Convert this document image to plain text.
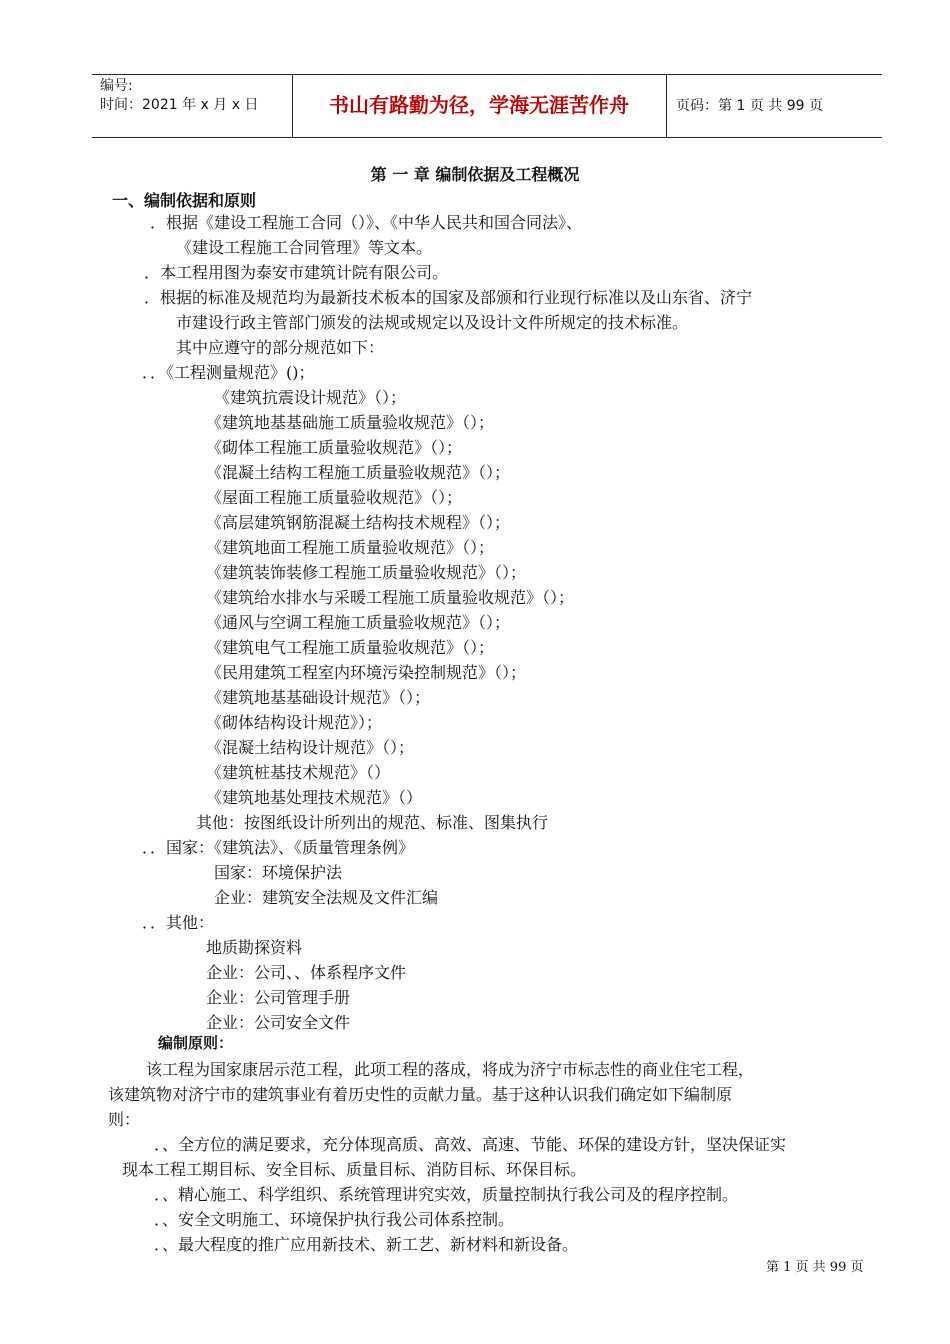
编号:
时间：2021 年 x 月 x 日	书山有路勤为径，学海无涯苦作舟	页码：第 1 页 共 99 页
第 一 章 编制依据及工程概况
一、编制依据和原则
．根据《建设工程施工合同（）》、《中华人民共和国合同法》、
《建设工程施工合同管理》等文本。
．本工程用图为泰安市建筑计院有限公司。
．根据的标准及规范均为最新技术板本的国家及部颁和行业现行标准以及山东省、济宁
市建设行政主管部门颁发的法规或规定以及设计文件所规定的技术标准。
其中应遵守的部分规范如下：
．．《工程测量规范》()；
《建筑抗震设计规范》（）；
《建筑地基基础施工质量验收规范》（）；
《砌体工程施工质量验收规范》（）；
《混凝土结构工程施工质量验收规范》（）；
《屋面工程施工质量验收规范》（）；
《高层建筑钢筋混凝土结构技术规程》（）；
《建筑地面工程施工质量验收规范》（）；
《建筑装饰装修工程施工质量验收规范》（）；
《建筑给水排水与采暖工程施工质量验收规范》（）；
《通风与空调工程施工质量验收规范》（）；
《建筑电气工程施工质量验收规范》（）；
《民用建筑工程室内环境污染控制规范》（）；
《建筑地基基础设计规范》（）；
《砌体结构设计规范》）；
《混凝土结构设计规范》（）；
《建筑桩基技术规范》（）
《建筑地基处理技术规范》（）
其他：按图纸设计所列出的规范、标准、图集执行
．．国家：《建筑法》、《质量管理条例》
国家：环境保护法
企业：建筑安全法规及文件汇编
．．其他：
地质勘探资料
企业：公司、、体系程序文件
企业：公司管理手册
企业：公司安全文件
编制原则：
该工程为国家康居示范工程，此项工程的落成，将成为济宁市标志性的商业住宅工程，
该建筑物对济宁市的建筑事业有着历史性的贡献力量。基于这种认识我们确定如下编制原
则：
．、全方位的满足要求，充分体现高质、高效、高速、节能、环保的建设方针，坚决保证实
现本工程工期目标、安全目标、质量目标、消防目标、环保目标。
．、精心施工、科学组织、系统管理讲究实效，质量控制执行我公司及的程序控制。
．、安全文明施工、环境保护执行我公司体系控制。
．、最大程度的推广应用新技术、新工艺、新材料和新设备。
第 1 页 共 99 页
